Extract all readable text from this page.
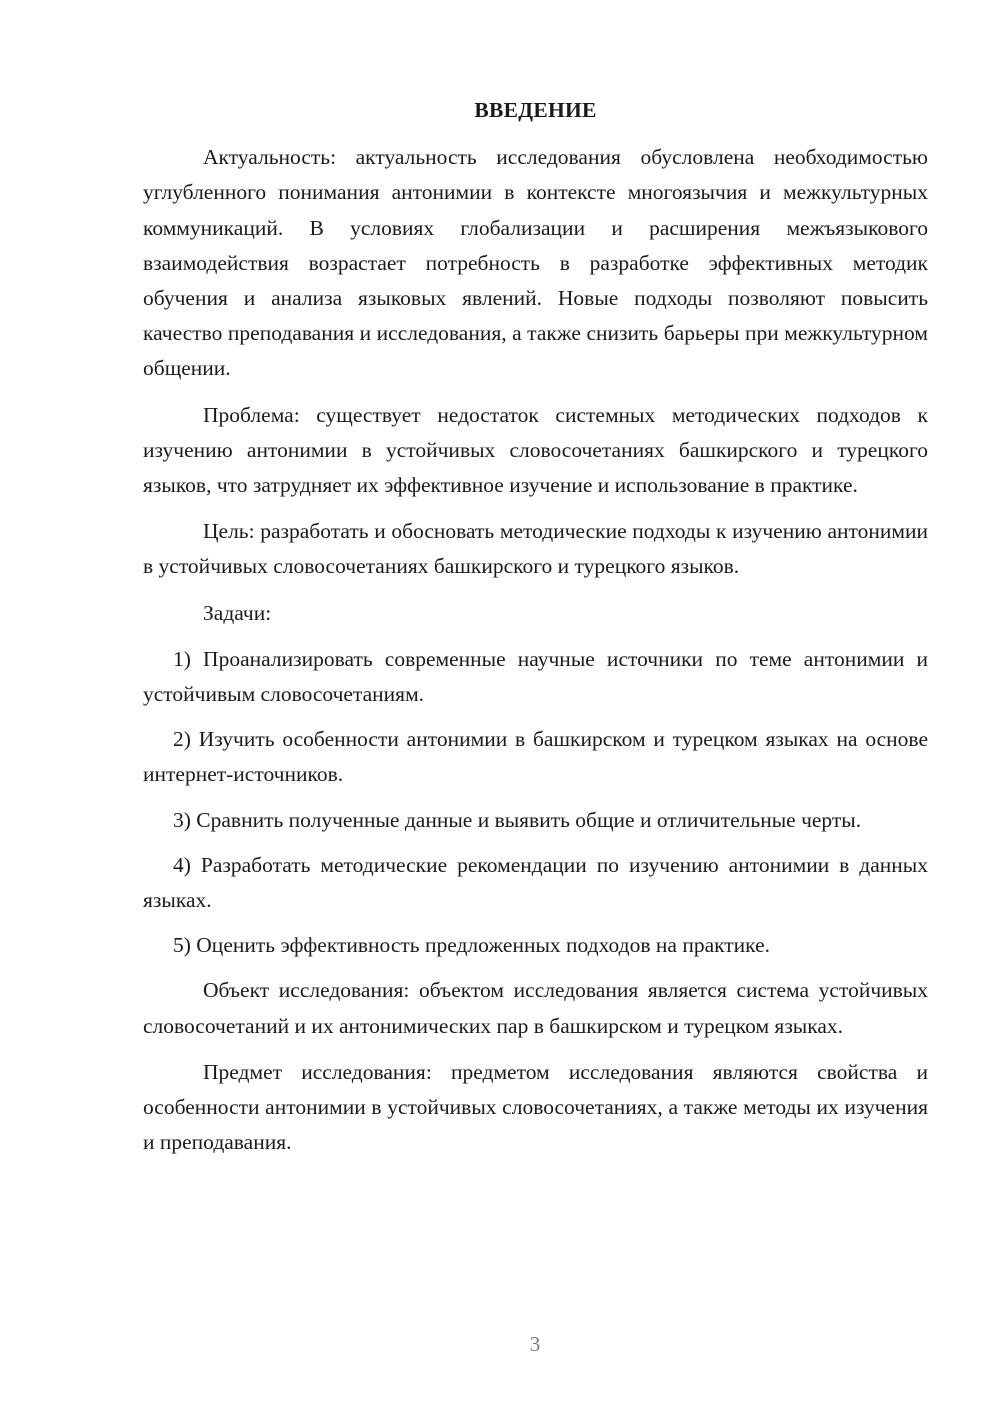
ВВЕДЕНИЕ

Актуальность: актуальность исследования обусловлена необходимостью углубленного понимания антонимии в контексте многоязычия и межкультурных коммуникаций. В условиях глобализации и расширения межъязыкового взаимодействия возрастает потребность в разработке эффективных методик обучения и анализа языковых явлений. Новые подходы позволяют повысить качество преподавания и исследования, а также снизить барьеры при межкультурном общении.

Проблема: существует недостаток системных методических подходов к изучению антонимии в устойчивых словосочетаниях башкирского и турецкого языков, что затрудняет их эффективное изучение и использование в практике.

Цель: разработать и обосновать методические подходы к изучению антонимии в устойчивых словосочетаниях башкирского и турецкого языков.

Задачи:

1) Проанализировать современные научные источники по теме антонимии и устойчивым словосочетаниям.

2) Изучить особенности антонимии в башкирском и турецком языках на основе интернет-источников.

3) Сравнить полученные данные и выявить общие и отличительные черты.

4) Разработать методические рекомендации по изучению антонимии в данных языках.

5) Оценить эффективность предложенных подходов на практике.

Объект исследования: объектом исследования является система устойчивых словосочетаний и их антонимических пар в башкирском и турецком языках.

Предмет исследования: предметом исследования являются свойства и особенности антонимии в устойчивых словосочетаниях, а также методы их изучения и преподавания.

3
